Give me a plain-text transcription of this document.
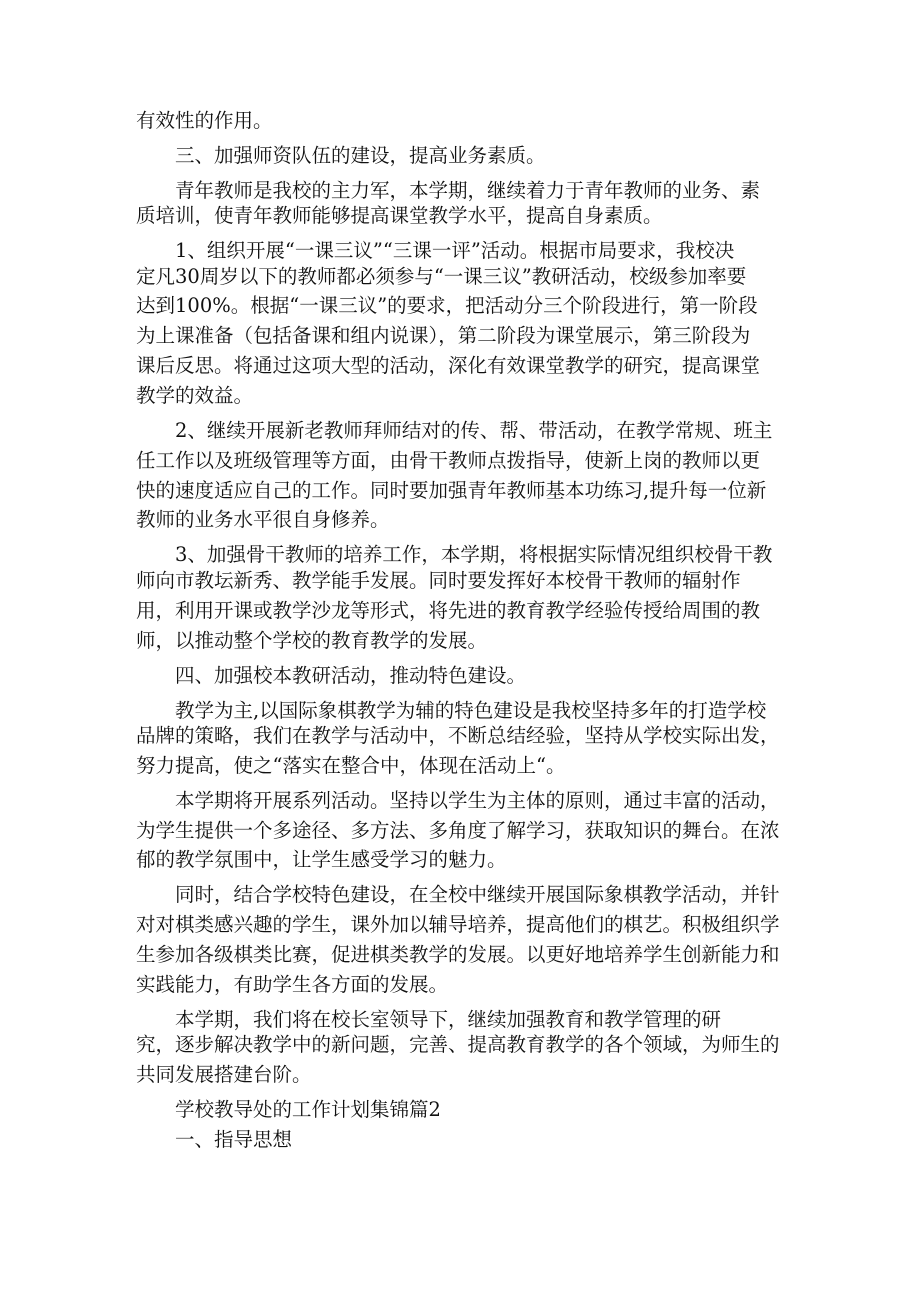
有效性的作用。
三、加强师资队伍的建设，提高业务素质。
青年教师是我校的主力军，本学期，继续着力于青年教师的业务、素
质培训，使青年教师能够提高课堂教学水平，提高自身素质。
1、组织开展“一课三议”“三课一评”活动。根据市局要求，我校决
定凡30周岁以下的教师都必须参与“一课三议”教研活动，校级参加率要
达到100%。根据“一课三议”的要求，把活动分三个阶段进行，第一阶段
为上课准备（包括备课和组内说课），第二阶段为课堂展示，第三阶段为
课后反思。将通过这项大型的活动，深化有效课堂教学的研究，提高课堂
教学的效益。
2、继续开展新老教师拜师结对的传、帮、带活动，在教学常规、班主
任工作以及班级管理等方面，由骨干教师点拨指导，使新上岗的教师以更
快的速度适应自己的工作。同时要加强青年教师基本功练习,提升每一位新
教师的业务水平很自身修养。
3、加强骨干教师的培养工作，本学期，将根据实际情况组织校骨干教
师向市教坛新秀、教学能手发展。同时要发挥好本校骨干教师的辐射作
用，利用开课或教学沙龙等形式，将先进的教育教学经验传授给周围的教
师，以推动整个学校的教育教学的发展。
四、加强校本教研活动，推动特色建设。
教学为主,以国际象棋教学为辅的特色建设是我校坚持多年的打造学校
品牌的策略，我们在教学与活动中，不断总结经验，坚持从学校实际出发，
努力提高，使之“落实在整合中，体现在活动上“。
本学期将开展系列活动。坚持以学生为主体的原则，通过丰富的活动，
为学生提供一个多途径、多方法、多角度了解学习，获取知识的舞台。在浓
郁的教学氛围中，让学生感受学习的魅力。
同时，结合学校特色建设，在全校中继续开展国际象棋教学活动，并针
对对棋类感兴趣的学生，课外加以辅导培养，提高他们的棋艺。积极组织学
生参加各级棋类比赛，促进棋类教学的发展。以更好地培养学生创新能力和
实践能力，有助学生各方面的发展。
本学期，我们将在校长室领导下，继续加强教育和教学管理的研
究，逐步解决教学中的新问题，完善、提高教育教学的各个领域，为师生的
共同发展搭建台阶。
学校教导处的工作计划集锦篇2
一、指导思想
